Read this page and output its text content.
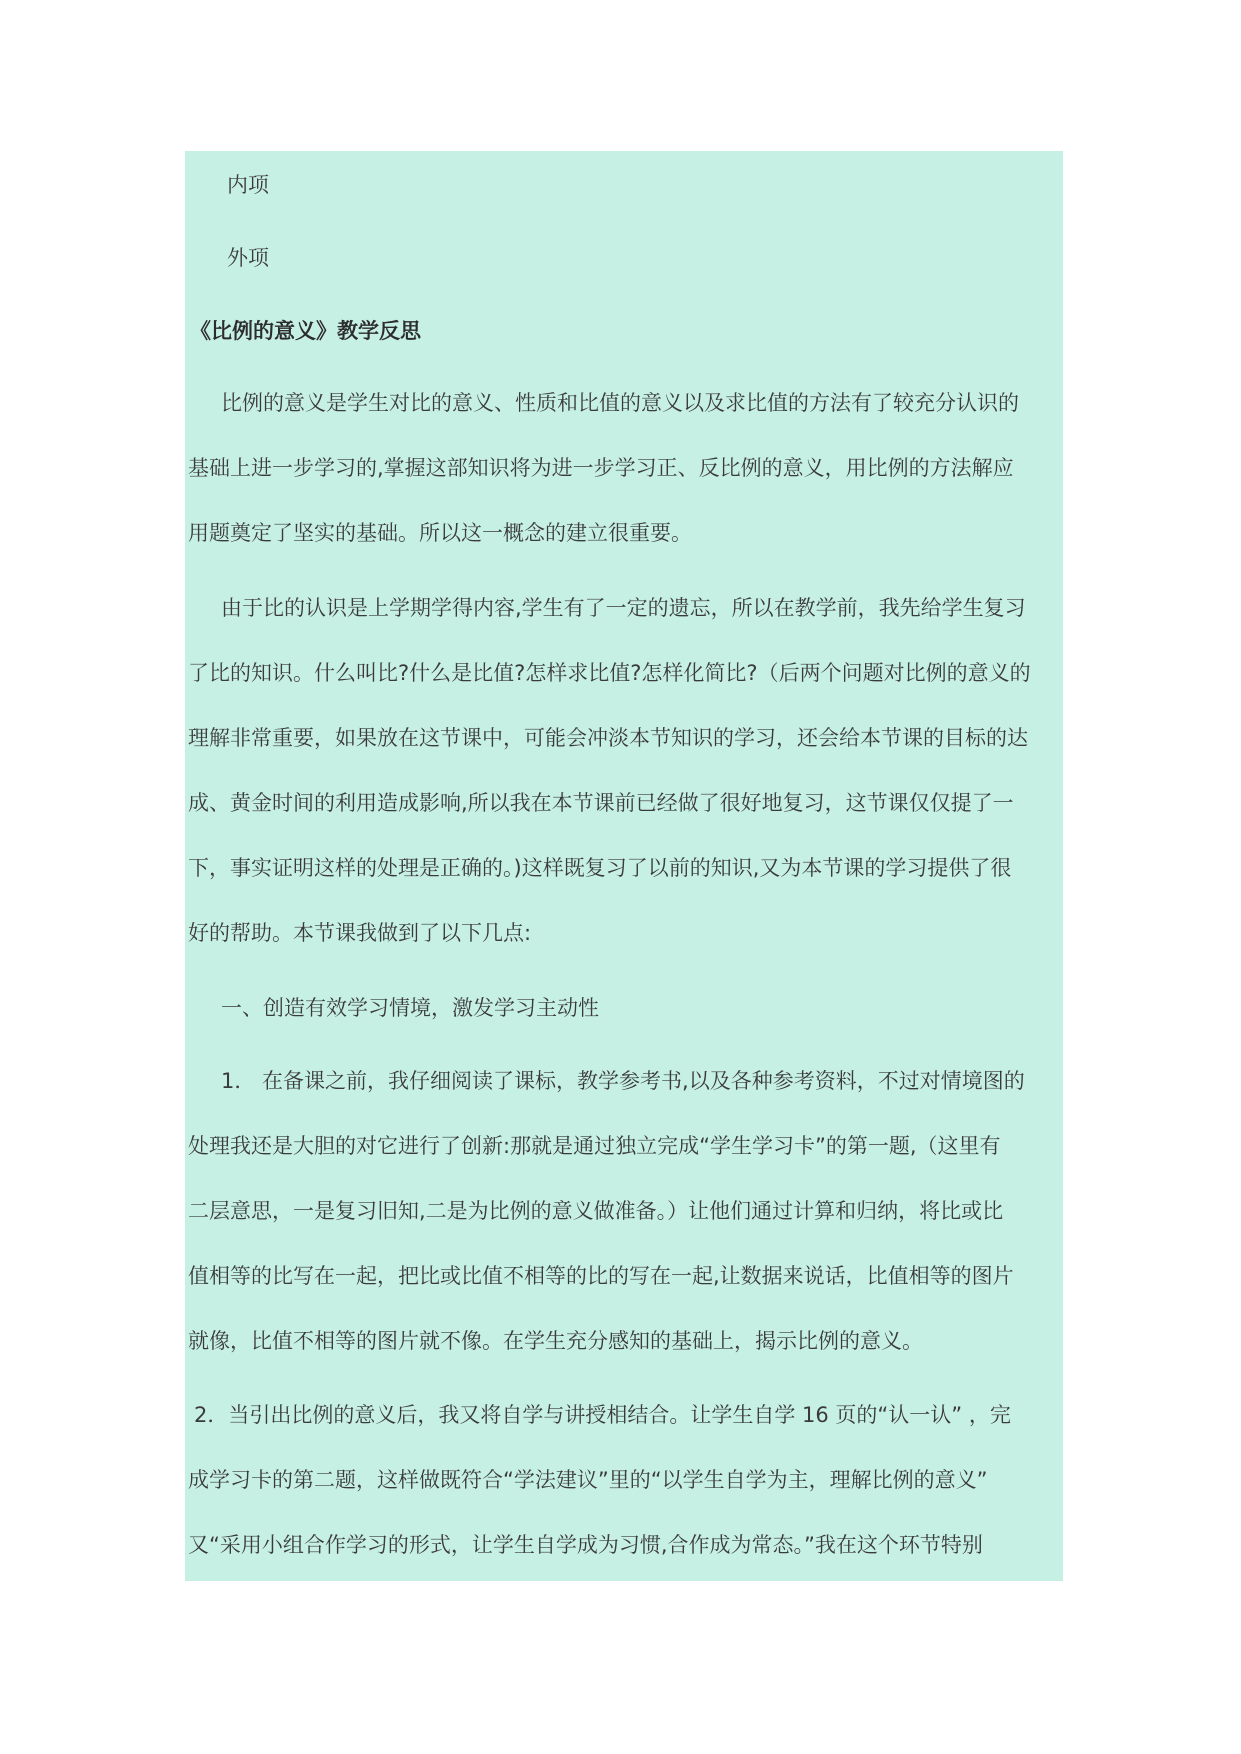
内项
外项
《比例的意义》教学反思
比例的意义是学生对比的意义、性质和比值的意义以及求比值的方法有了较充分认识的
基础上进一步学习的,掌握这部知识将为进一步学习正、反比例的意义，用比例的方法解应
用题奠定了坚实的基础。所以这一概念的建立很重要。
由于比的认识是上学期学得内容,学生有了一定的遗忘，所以在教学前，我先给学生复习
了比的知识。什么叫比?什么是比值?怎样求比值?怎样化简比?（后两个问题对比例的意义的
理解非常重要，如果放在这节课中，可能会冲淡本节知识的学习，还会给本节课的目标的达
成、黄金时间的利用造成影响,所以我在本节课前已经做了很好地复习，这节课仅仅提了一
下，事实证明这样的处理是正确的。)这样既复习了以前的知识,又为本节课的学习提供了很
好的帮助。本节课我做到了以下几点:
一、创造有效学习情境，激发学习主动性
1． 在备课之前，我仔细阅读了课标，教学参考书,以及各种参考资料，不过对情境图的
处理我还是大胆的对它进行了创新:那就是通过独立完成“学生学习卡”的第一题,（这里有
二层意思，一是复习旧知,二是为比例的意义做准备。）让他们通过计算和归纳，将比或比
值相等的比写在一起，把比或比值不相等的比的写在一起,让数据来说话，比值相等的图片
就像，比值不相等的图片就不像。在学生充分感知的基础上，揭示比例的意义。
2．当引出比例的意义后，我又将自学与讲授相结合。让学生自学 16 页的“认一认” ，完
成学习卡的第二题，这样做既符合“学法建议”里的“以学生自学为主，理解比例的意义”
又“采用小组合作学习的形式，让学生自学成为习惯,合作成为常态。”我在这个环节特别
